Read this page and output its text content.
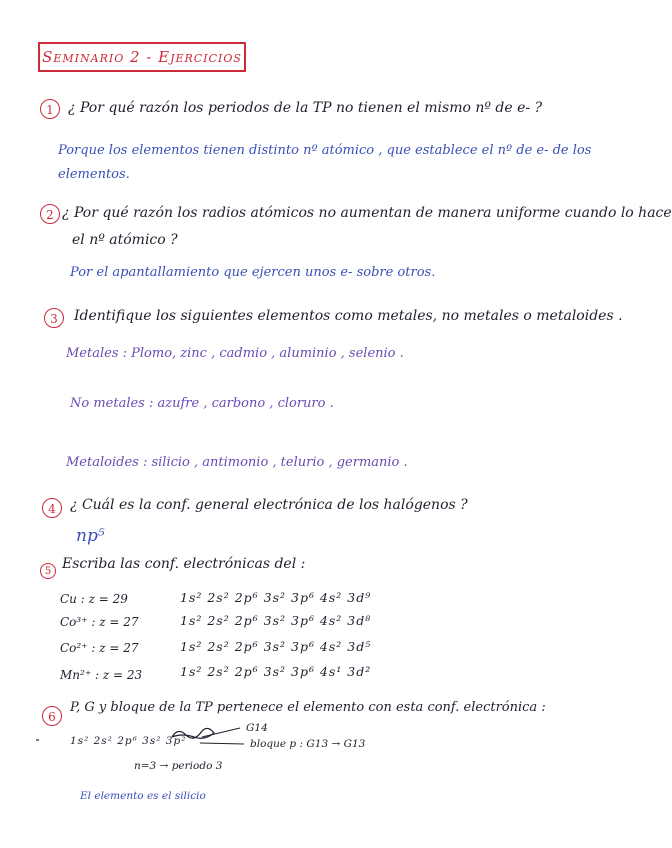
Seminario 2 - Ejercicios
1	¿ Por qué razón los periodos de la TP no tienen el mismo nº de e- ?
Porque los elementos tienen distinto nº atómico , que establece el nº de e- de los
elementos.
2 ¿ Por qué razón los radios atómicos no aumentan de manera uniforme cuando lo hace
el nº atómico ?
Por el apantallamiento que ejercen unos e- sobre otros.
3	Identifique los siguientes elementos como metales, no metales o metaloides .
Metales : Plomo, zinc , cadmio , aluminio , selenio .
No metales : azufre , carbono , cloruro .
Metaloides : silicio , antimonio , telurio , germanio .
4	¿ Cuál es la conf. general electrónica de los halógenos ?
np⁵
5 Escriba las conf. electrónicas del :
Cu : z = 29	1s² 2s² 2p⁶ 3s² 3p⁶ 4s² 3d⁹
Co³⁺ : z = 27	1s² 2s² 2p⁶ 3s² 3p⁶ 4s² 3d⁸
Co²⁺ : z = 27	1s² 2s² 2p⁶ 3s² 3p⁶ 4s² 3d⁵
Mn²⁺ : z = 23	1s² 2s² 2p⁶ 3s² 3p⁶ 4s¹ 3d²
6
P, G y bloque de la TP pertenece el elemento con esta conf. electrónica :
1s² 2s² 2p⁶ 3s² 3p²
G14
bloque p : G13 → G13
n=3 → periodo 3
El elemento es el silicio
